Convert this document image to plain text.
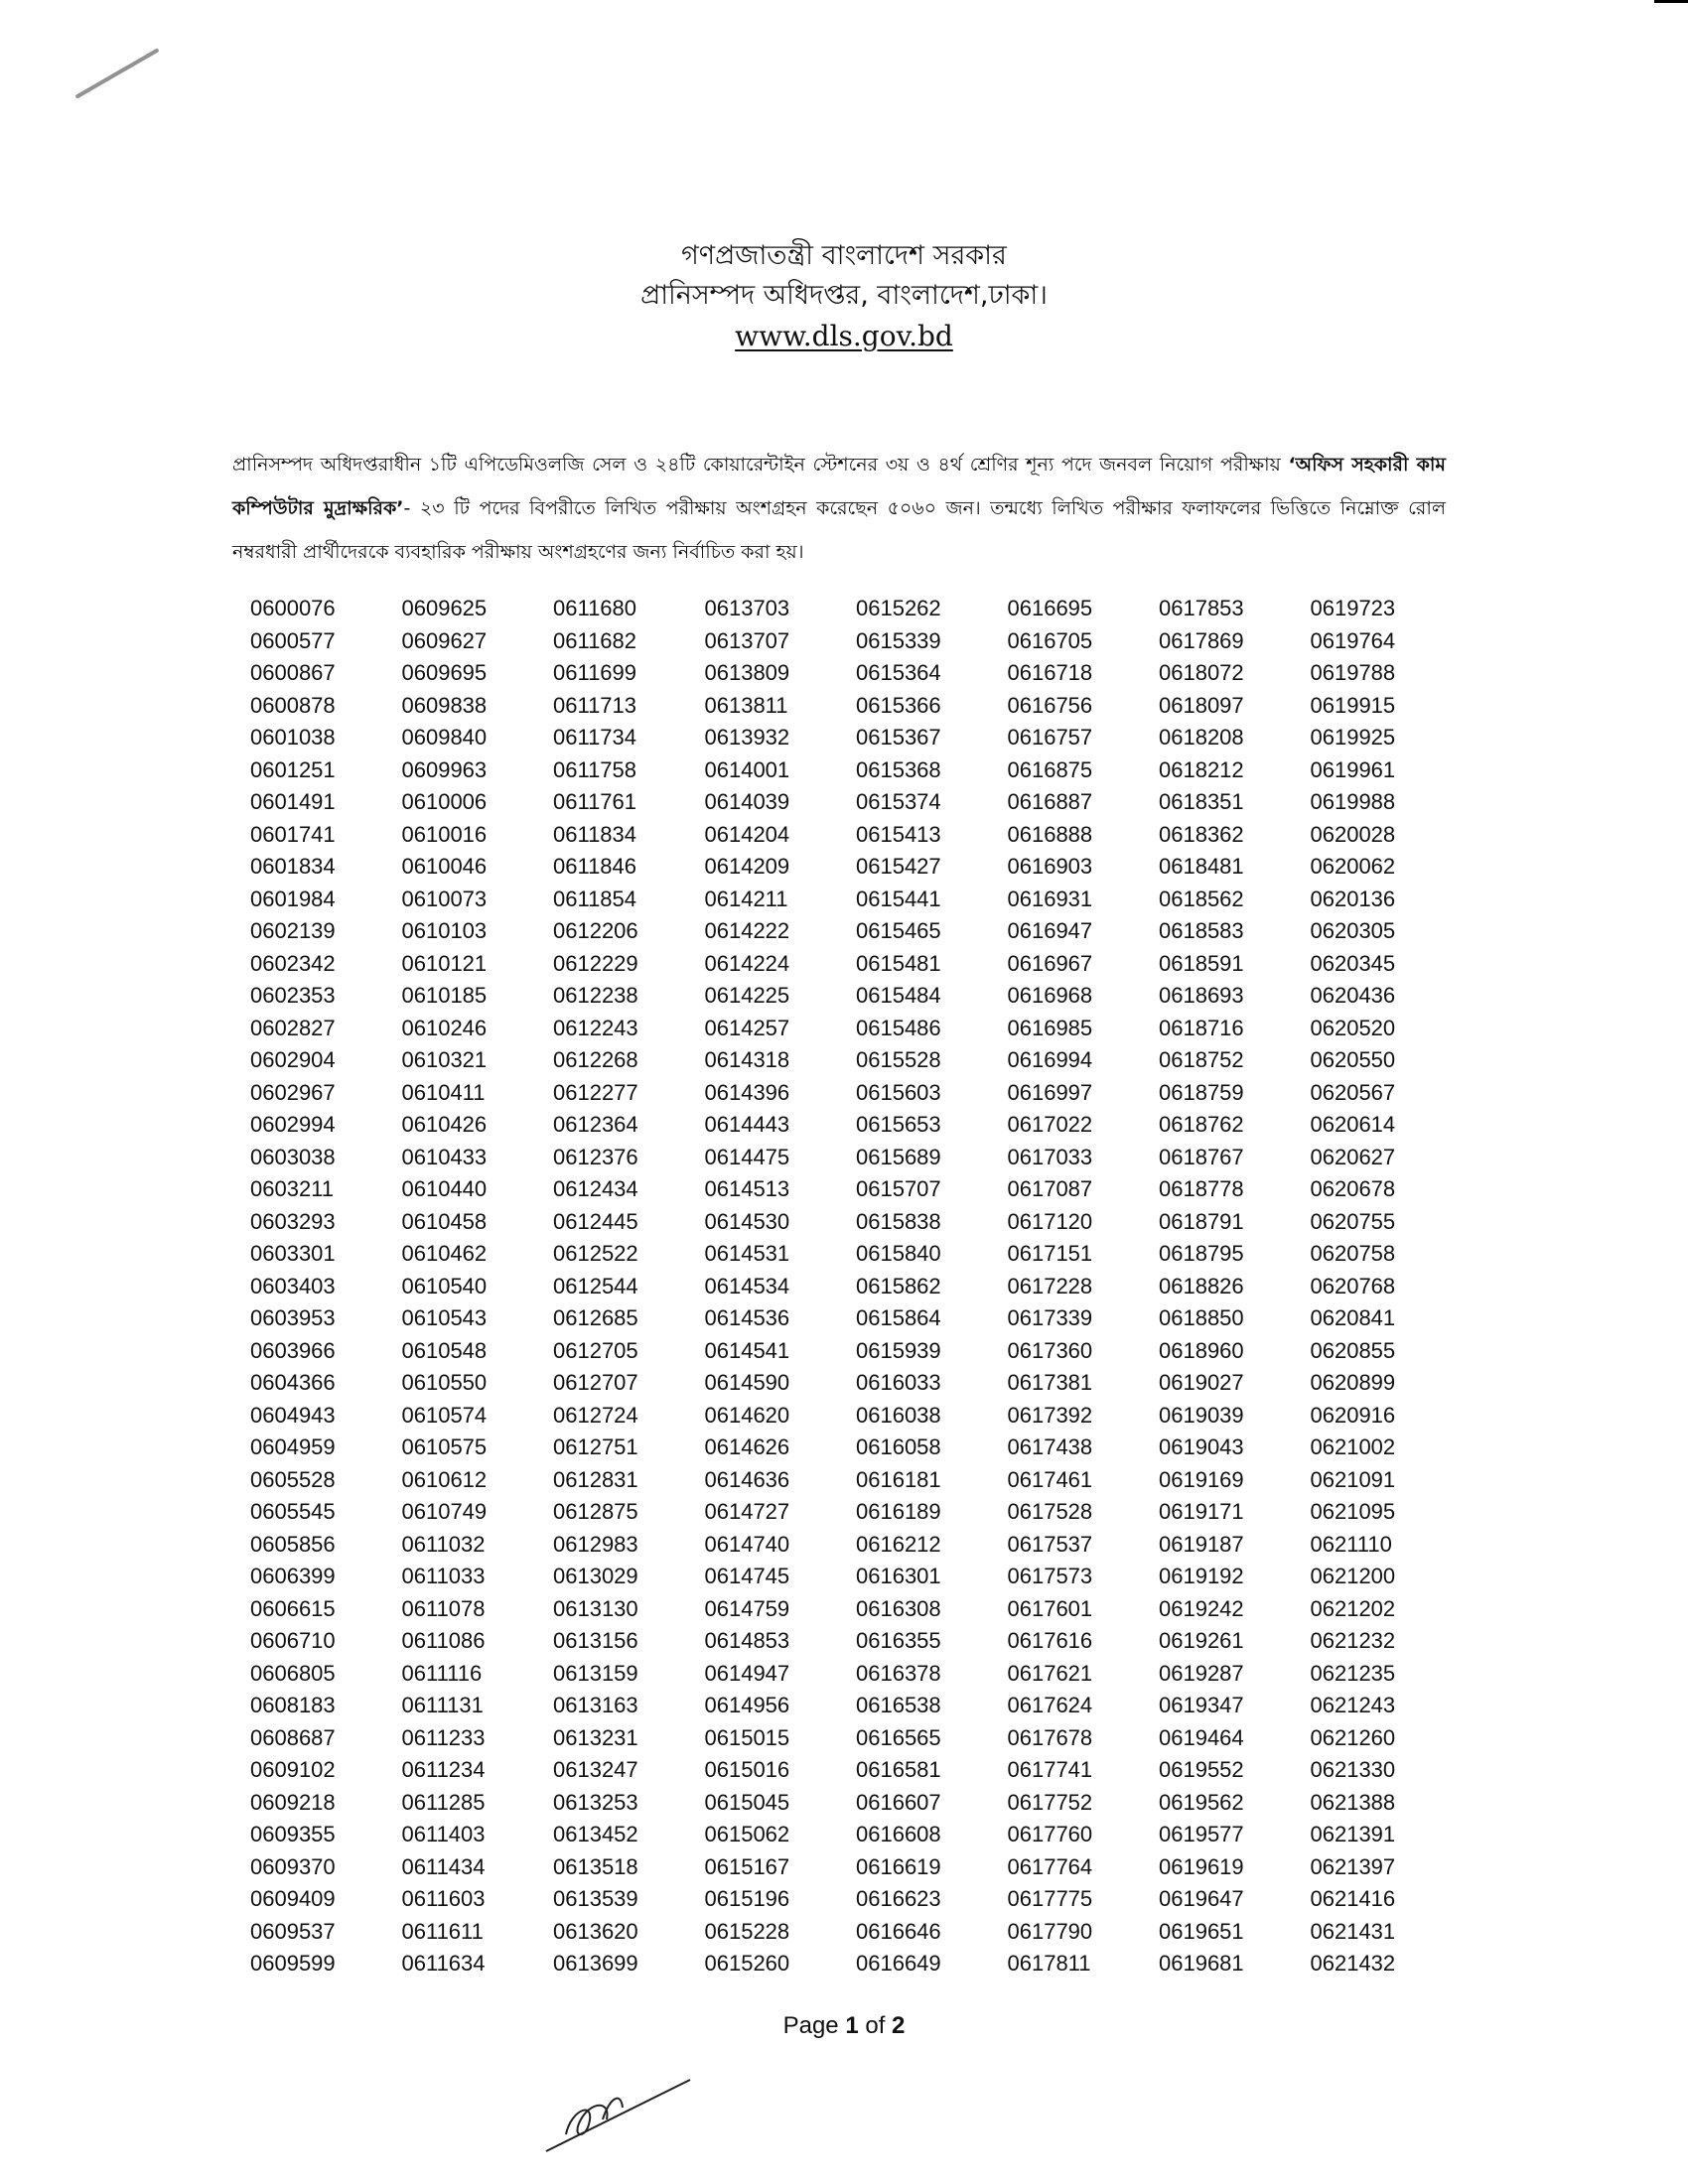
গণপ্রজাতন্ত্রী বাংলাদেশ সরকার
প্রানিসম্পদ অধিদপ্তর, বাংলাদেশ,ঢাকা।
www.dls.gov.bd
প্রানিসম্পদ অধিদপ্তরাধীন ১টি এপিডেমিওলজি সেল ও ২৪টি কোয়ারেন্টাইন স্টেশনের ৩য় ও ৪র্থ শ্রেণির শূন্য পদে জনবল নিয়োগ পরীক্ষায় ‘অফিস সহকারী কাম কম্পিউটার মুদ্রাক্ষরিক’- ২৩ টি পদের বিপরীতে লিখিত পরীক্ষায় অংশগ্রহন করেছেন ৫০৬০ জন। তন্মধ্যে লিখিত পরীক্ষার ফলাফলের ভিত্তিতে নিম্নোক্ত রোল নম্বরধারী প্রার্থীদেরকে ব্যবহারিক পরীক্ষায় অংশগ্রহণের জন্য নির্বাচিত করা হয়।
0600076
0600577
0600867
0600878
0601038
0601251
0601491
0601741
0601834
0601984
0602139
0602342
0602353
0602827
0602904
0602967
0602994
0603038
0603211
0603293
0603301
0603403
0603953
0603966
0604366
0604943
0604959
0605528
0605545
0605856
0606399
0606615
0606710
0606805
0608183
0608687
0609102
0609218
0609355
0609370
0609409
0609537
0609599
0609625
0609627
0609695
0609838
0609840
0609963
0610006
0610016
0610046
0610073
0610103
0610121
0610185
0610246
0610321
0610411
0610426
0610433
0610440
0610458
0610462
0610540
0610543
0610548
0610550
0610574
0610575
0610612
0610749
0611032
0611033
0611078
0611086
0611116
0611131
0611233
0611234
0611285
0611403
0611434
0611603
0611611
0611634
0611680
0611682
0611699
0611713
0611734
0611758
0611761
0611834
0611846
0611854
0612206
0612229
0612238
0612243
0612268
0612277
0612364
0612376
0612434
0612445
0612522
0612544
0612685
0612705
0612707
0612724
0612751
0612831
0612875
0612983
0613029
0613130
0613156
0613159
0613163
0613231
0613247
0613253
0613452
0613518
0613539
0613620
0613699
0613703
0613707
0613809
0613811
0613932
0614001
0614039
0614204
0614209
0614211
0614222
0614224
0614225
0614257
0614318
0614396
0614443
0614475
0614513
0614530
0614531
0614534
0614536
0614541
0614590
0614620
0614626
0614636
0614727
0614740
0614745
0614759
0614853
0614947
0614956
0615015
0615016
0615045
0615062
0615167
0615196
0615228
0615260
0615262
0615339
0615364
0615366
0615367
0615368
0615374
0615413
0615427
0615441
0615465
0615481
0615484
0615486
0615528
0615603
0615653
0615689
0615707
0615838
0615840
0615862
0615864
0615939
0616033
0616038
0616058
0616181
0616189
0616212
0616301
0616308
0616355
0616378
0616538
0616565
0616581
0616607
0616608
0616619
0616623
0616646
0616649
0616695
0616705
0616718
0616756
0616757
0616875
0616887
0616888
0616903
0616931
0616947
0616967
0616968
0616985
0616994
0616997
0617022
0617033
0617087
0617120
0617151
0617228
0617339
0617360
0617381
0617392
0617438
0617461
0617528
0617537
0617573
0617601
0617616
0617621
0617624
0617678
0617741
0617752
0617760
0617764
0617775
0617790
0617811
0617853
0617869
0618072
0618097
0618208
0618212
0618351
0618362
0618481
0618562
0618583
0618591
0618693
0618716
0618752
0618759
0618762
0618767
0618778
0618791
0618795
0618826
0618850
0618960
0619027
0619039
0619043
0619169
0619171
0619187
0619192
0619242
0619261
0619287
0619347
0619464
0619552
0619562
0619577
0619619
0619647
0619651
0619681
0619723
0619764
0619788
0619915
0619925
0619961
0619988
0620028
0620062
0620136
0620305
0620345
0620436
0620520
0620550
0620567
0620614
0620627
0620678
0620755
0620758
0620768
0620841
0620855
0620899
0620916
0621002
0621091
0621095
0621110
0621200
0621202
0621232
0621235
0621243
0621260
0621330
0621388
0621391
0621397
0621416
0621431
0621432
Page 1 of 2
